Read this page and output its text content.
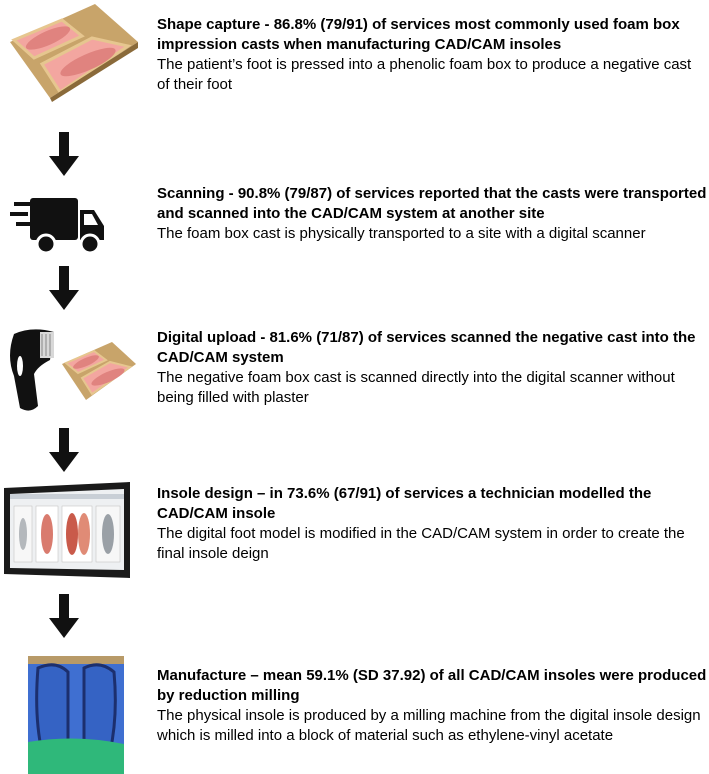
Shape capture - 86.8% (79/91) of services most commonly used foam box impression casts when manufacturing CAD/CAM insoles

The patient’s foot is pressed into a phenolic foam box to produce a negative cast of their foot

Scanning - 90.8% (79/87) of services reported that the casts were transported and scanned into the CAD/CAM system at another site

The foam box cast is physically transported to a site with a digital scanner

Digital upload - 81.6% (71/87) of services scanned the negative cast into the CAD/CAM system

The negative foam box cast is scanned directly into the digital scanner without being filled with plaster

Insole design – in 73.6% (67/91) of services a technician modelled the CAD/CAM insole

The digital foot model is modified in the CAD/CAM system in order to create the final insole deign

Manufacture – mean 59.1% (SD 37.92) of all CAD/CAM insoles were produced by reduction milling

The physical insole is produced by a milling machine from the digital insole design which is milled into a block of material such as ethylene-vinyl acetate
